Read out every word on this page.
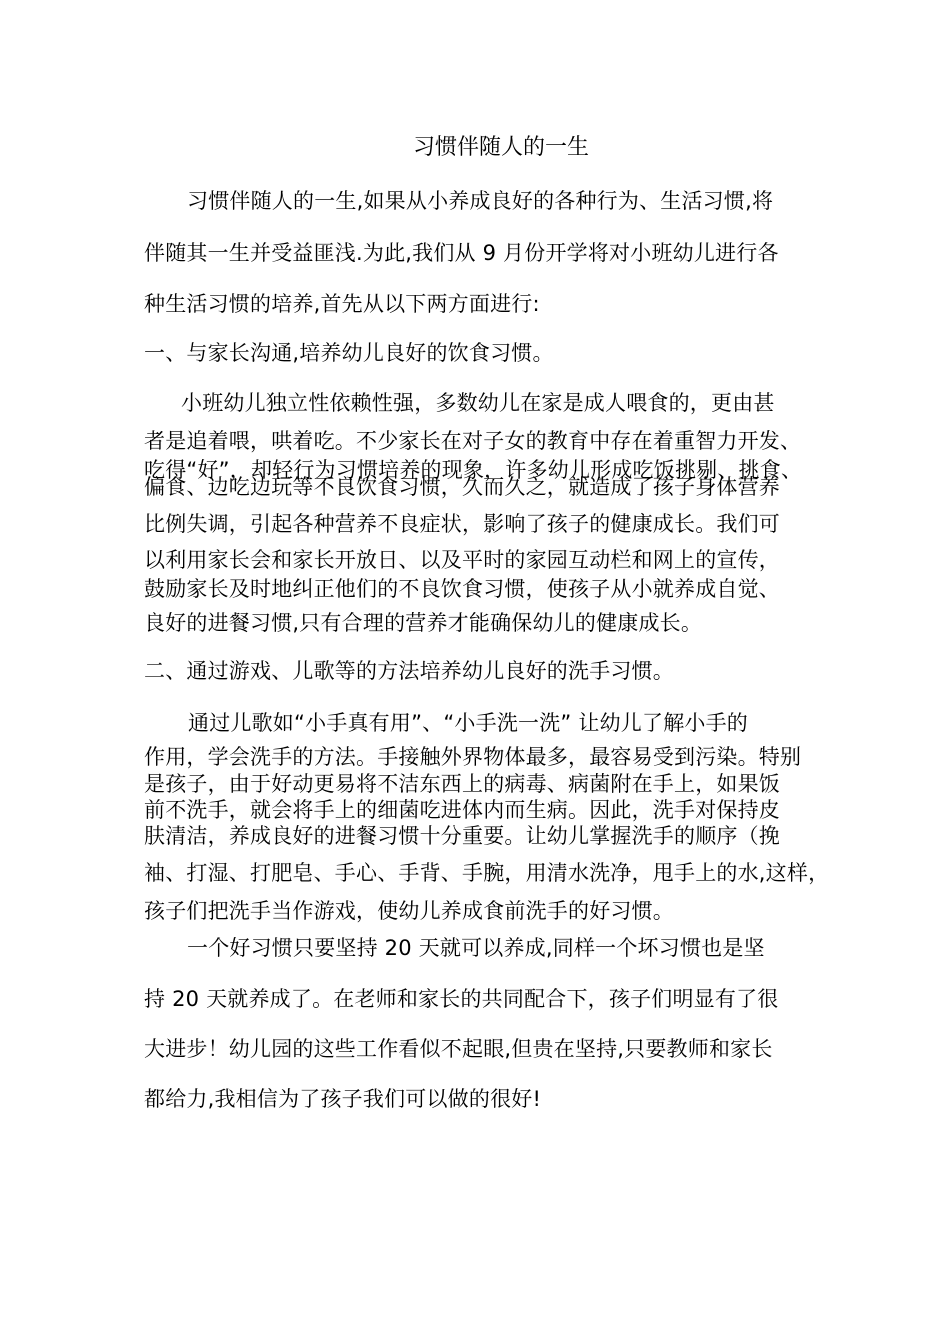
习惯伴随人的一生
习惯伴随人的一生,如果从小养成良好的各种行为、生活习惯,将
伴随其一生并受益匪浅.为此,我们从 9 月份开学将对小班幼儿进行各
种生活习惯的培养,首先从以下两方面进行:
一、与家长沟通,培养幼儿良好的饮食习惯。
小班幼儿独立性依赖性强，多数幼儿在家是成人喂食的，更由甚
者是追着喂，哄着吃。不少家长在对子女的教育中存在着重智力开发、
吃得“好”，却轻行为习惯培养的现象，许多幼儿形成吃饭挑剔、挑食、
偏食、边吃边玩等不良饮食习惯，久而久之，就造成了孩子身体营养
比例失调，引起各种营养不良症状，影响了孩子的健康成长。我们可
以利用家长会和家长开放日、以及平时的家园互动栏和网上的宣传，
鼓励家长及时地纠正他们的不良饮食习惯，使孩子从小就养成自觉、
良好的进餐习惯,只有合理的营养才能确保幼儿的健康成长。
二、通过游戏、儿歌等的方法培养幼儿良好的洗手习惯。
通过儿歌如“小手真有用”、“小手洗一洗” 让幼儿了解小手的
作用，学会洗手的方法。手接触外界物体最多，最容易受到污染。特别
是孩子，由于好动更易将不洁东西上的病毒、病菌附在手上，如果饭
前不洗手，就会将手上的细菌吃进体内而生病。因此，洗手对保持皮
肤清洁，养成良好的进餐习惯十分重要。让幼儿掌握洗手的顺序（挽
袖、打湿、打肥皂、手心、手背、手腕，用清水洗净，甩手上的水,这样，
孩子们把洗手当作游戏，使幼儿养成食前洗手的好习惯。
一个好习惯只要坚持 20 天就可以养成,同样一个坏习惯也是坚
持 20 天就养成了。在老师和家长的共同配合下，孩子们明显有了很
大进步！幼儿园的这些工作看似不起眼,但贵在坚持,只要教师和家长
都给力,我相信为了孩子我们可以做的很好!
